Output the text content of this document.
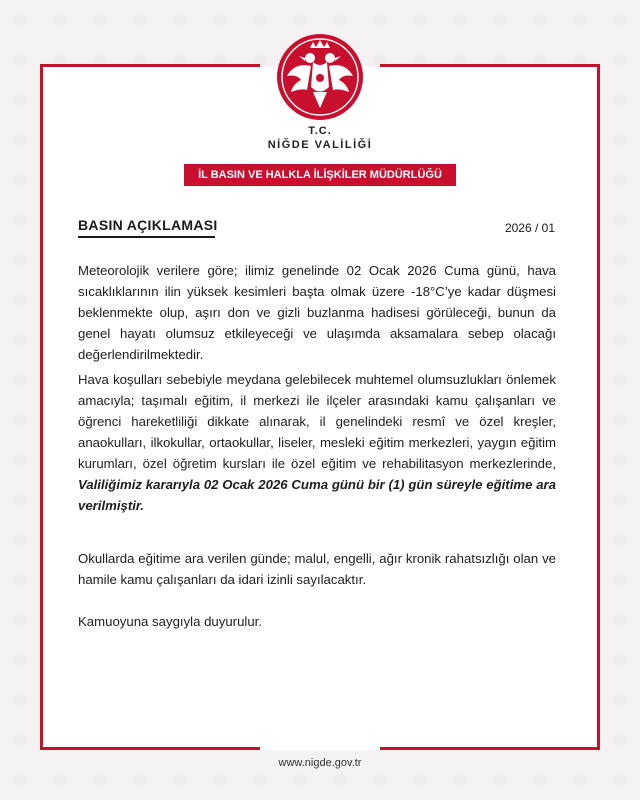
T.C.
NİĞDE VALİLİĞİ
İL BASIN VE HALKLA İLİŞKİLER MÜDÜRLÜĞÜ
BASIN AÇIKLAMASI	2026 / 01
Meteorolojik verilere göre; ilimiz genelinde 02 Ocak 2026 Cuma günü, hava sıcaklıklarının ilin yüksek kesimleri başta olmak üzere -18°C’ye kadar düşmesi beklenmekte olup, aşırı don ve gizli buzlanma hadisesi görüleceği, bunun da genel hayatı olumsuz etkileyeceği ve ulaşımda aksamalara sebep olacağı değerlendirilmektedir.
Hava koşulları sebebiyle meydana gelebilecek muhtemel olumsuzlukları önlemek amacıyla; taşımalı eğitim, il merkezi ile ilçeler arasındaki kamu çalışanları ve öğrenci hareketliliği dikkate alınarak, il genelindeki resmî ve özel kreşler, anaokulları, ilkokullar, ortaokullar, liseler, mesleki eğitim merkezleri, yaygın eğitim kurumları, özel öğretim kursları ile özel eğitim ve rehabilitasyon merkezlerinde, Valiliğimiz kararıyla 02 Ocak 2026 Cuma günü bir (1) gün süreyle eğitime ara verilmiştir.
Okullarda eğitime ara verilen günde; malul, engelli, ağır kronik rahatsızlığı olan ve hamile kamu çalışanları da idari izinli sayılacaktır.
Kamuoyuna saygıyla duyurulur.
www.nigde.gov.tr
